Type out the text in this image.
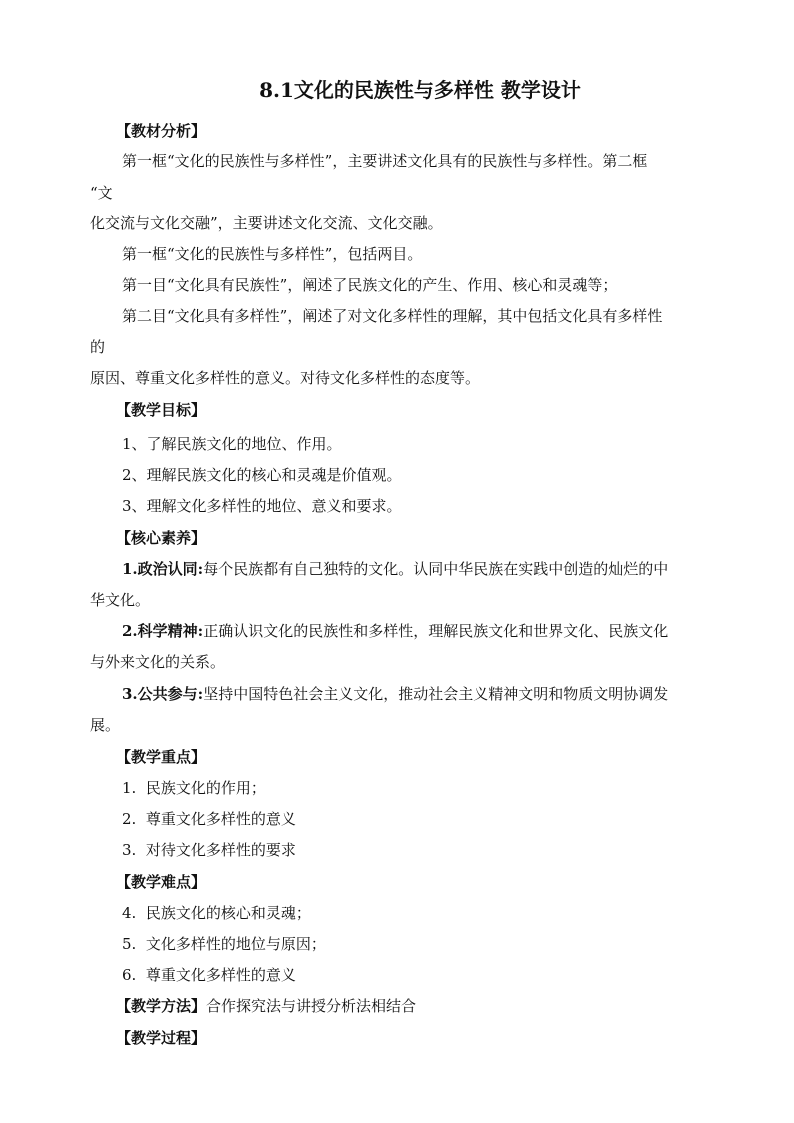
8.1文化的民族性与多样性 教学设计
【教材分析】
第一框“文化的民族性与多样性”，主要讲述文化具有的民族性与多样性。第二框
“文
化交流与文化交融”，主要讲述文化交流、文化交融。
第一框“文化的民族性与多样性”，包括两目。
第一目“文化具有民族性”，阐述了民族文化的产生、作用、核心和灵魂等；
第二目“文化具有多样性”，阐述了对文化多样性的理解，其中包括文化具有多样性
的
原因、尊重文化多样性的意义。对待文化多样性的态度等。
【教学目标】
1、了解民族文化的地位、作用。
2、理解民族文化的核心和灵魂是价值观。
3、理解文化多样性的地位、意义和要求。
【核心素养】
1.政治认同:每个民族都有自己独特的文化。认同中华民族在实践中创造的灿烂的中
华文化。
2.科学精神:正确认识文化的民族性和多样性，理解民族文化和世界文化、民族文化
与外来文化的关系。
3.公共参与:坚持中国特色社会主义文化，推动社会主义精神文明和物质文明协调发
展。
【教学重点】
1.  民族文化的作用；
2.  尊重文化多样性的意义
3.  对待文化多样性的要求
【教学难点】
4.  民族文化的核心和灵魂；
5.  文化多样性的地位与原因；
6.  尊重文化多样性的意义
【教学方法】合作探究法与讲授分析法相结合
【教学过程】
